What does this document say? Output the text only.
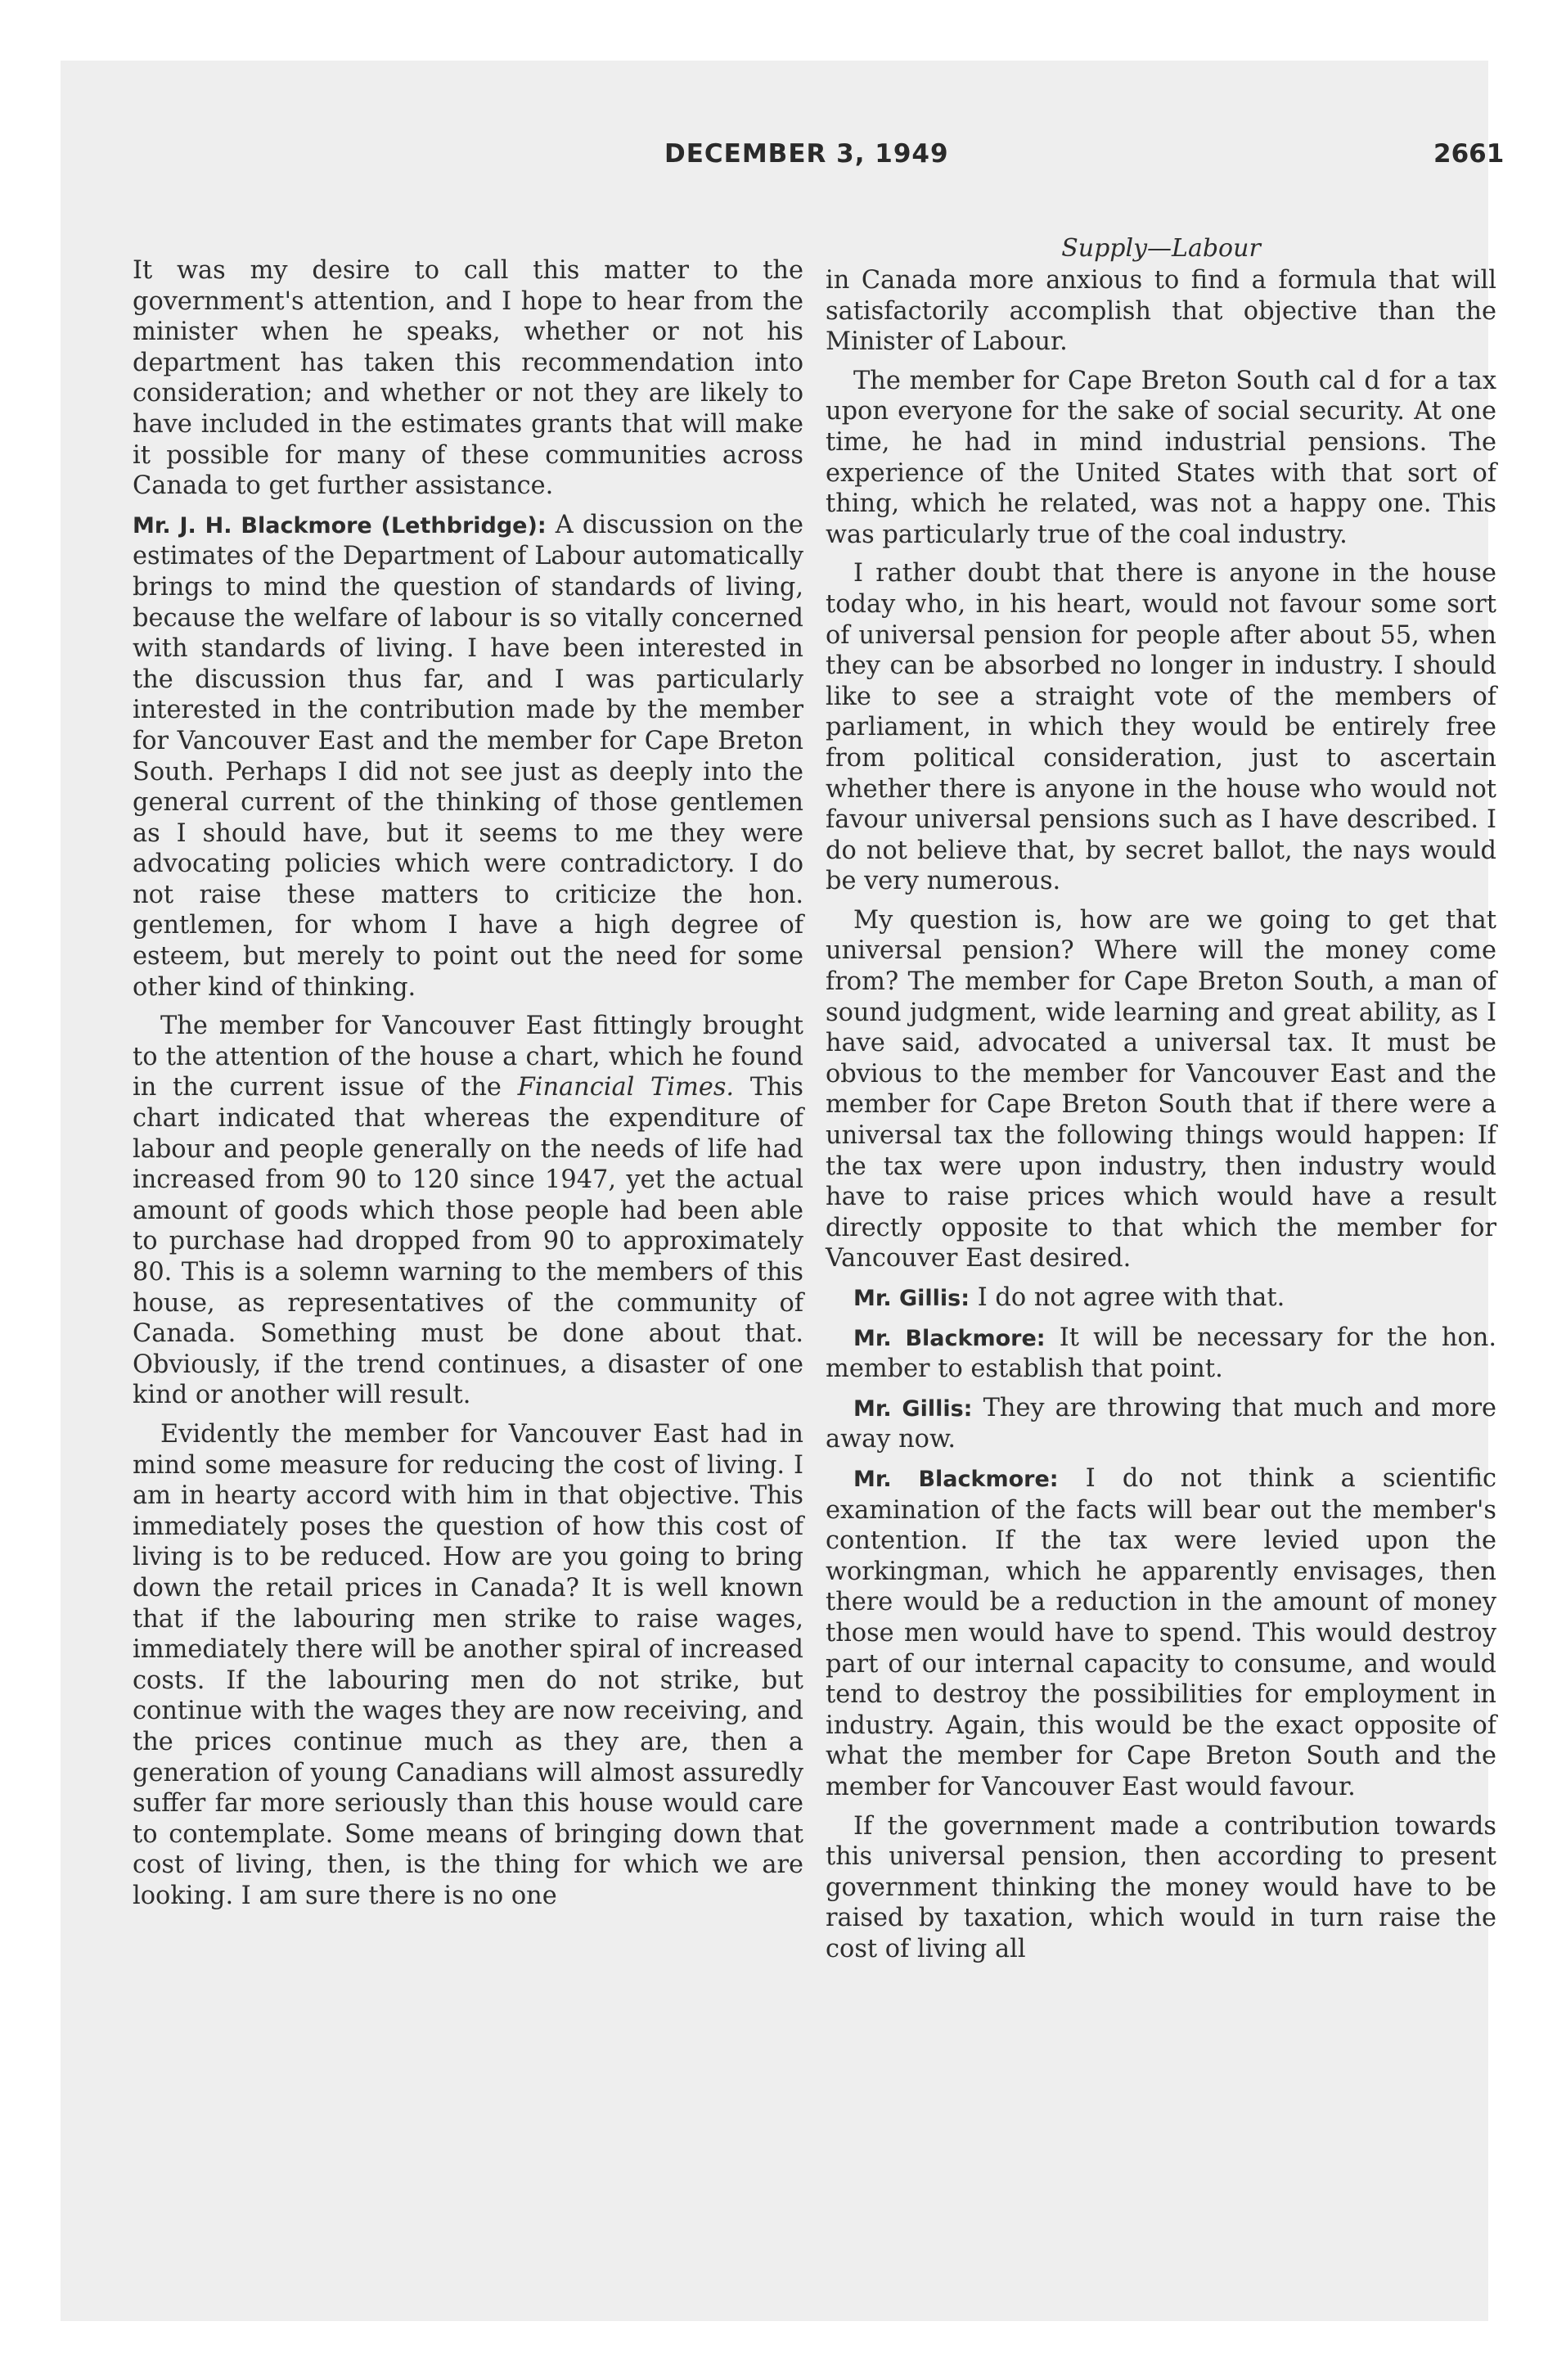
DECEMBER 3, 1949	2661

It was my desire to call this matter to the government's attention, and I hope to hear from the minister when he speaks, whether or not his department has taken this recommendation into consideration; and whether or not they are likely to have included in the estimates grants that will make it possible for many of these communities across Canada to get further assistance.

Mr. J. H. Blackmore (Lethbridge): A discussion on the estimates of the Department of Labour automatically brings to mind the question of standards of living, because the welfare of labour is so vitally concerned with standards of living. I have been interested in the discussion thus far, and I was particularly interested in the contribution made by the member for Vancouver East and the member for Cape Breton South. Perhaps I did not see just as deeply into the general current of the thinking of those gentlemen as I should have, but it seems to me they were advocating policies which were contradictory. I do not raise these matters to criticize the hon. gentlemen, for whom I have a high degree of esteem, but merely to point out the need for some other kind of thinking.

The member for Vancouver East fittingly brought to the attention of the house a chart, which he found in the current issue of the Financial Times. This chart indicated that whereas the expenditure of labour and people generally on the needs of life had increased from 90 to 120 since 1947, yet the actual amount of goods which those people had been able to purchase had dropped from 90 to approximately 80. This is a solemn warning to the members of this house, as representatives of the community of Canada. Something must be done about that. Obviously, if the trend continues, a disaster of one kind or another will result.

Evidently the member for Vancouver East had in mind some measure for reducing the cost of living. I am in hearty accord with him in that objective. This immediately poses the question of how this cost of living is to be reduced. How are you going to bring down the retail prices in Canada? It is well known that if the labouring men strike to raise wages, immediately there will be another spiral of increased costs. If the labouring men do not strike, but continue with the wages they are now receiving, and the prices continue much as they are, then a generation of young Canadians will almost assuredly suffer far more seriously than this house would care to contemplate. Some means of bringing down that cost of living, then, is the thing for which we are looking. I am sure there is no one

Supply—Labour

in Canada more anxious to find a formula that will satisfactorily accomplish that objective than the Minister of Labour.

The member for Cape Breton South cal d for a tax upon everyone for the sake of social security. At one time, he had in mind industrial pensions. The experience of the United States with that sort of thing, which he related, was not a happy one. This was particularly true of the coal industry.

I rather doubt that there is anyone in the house today who, in his heart, would not favour some sort of universal pension for people after about 55, when they can be absorbed no longer in industry. I should like to see a straight vote of the members of parliament, in which they would be entirely free from political consideration, just to ascertain whether there is anyone in the house who would not favour universal pensions such as I have described. I do not believe that, by secret ballot, the nays would be very numerous.

My question is, how are we going to get that universal pension? Where will the money come from? The member for Cape Breton South, a man of sound judgment, wide learning and great ability, as I have said, advocated a universal tax. It must be obvious to the member for Vancouver East and the member for Cape Breton South that if there were a universal tax the following things would happen: If the tax were upon industry, then industry would have to raise prices which would have a result directly opposite to that which the member for Vancouver East desired.

Mr. Gillis: I do not agree with that.

Mr. Blackmore: It will be necessary for the hon. member to establish that point.

Mr. Gillis: They are throwing that much and more away now.

Mr. Blackmore: I do not think a scientific examination of the facts will bear out the member's contention. If the tax were levied upon the workingman, which he apparently envisages, then there would be a reduction in the amount of money those men would have to spend. This would destroy part of our internal capacity to consume, and would tend to destroy the possibilities for employment in industry. Again, this would be the exact opposite of what the member for Cape Breton South and the member for Vancouver East would favour.

If the government made a contribution towards this universal pension, then according to present government thinking the money would have to be raised by taxation, which would in turn raise the cost of living all
